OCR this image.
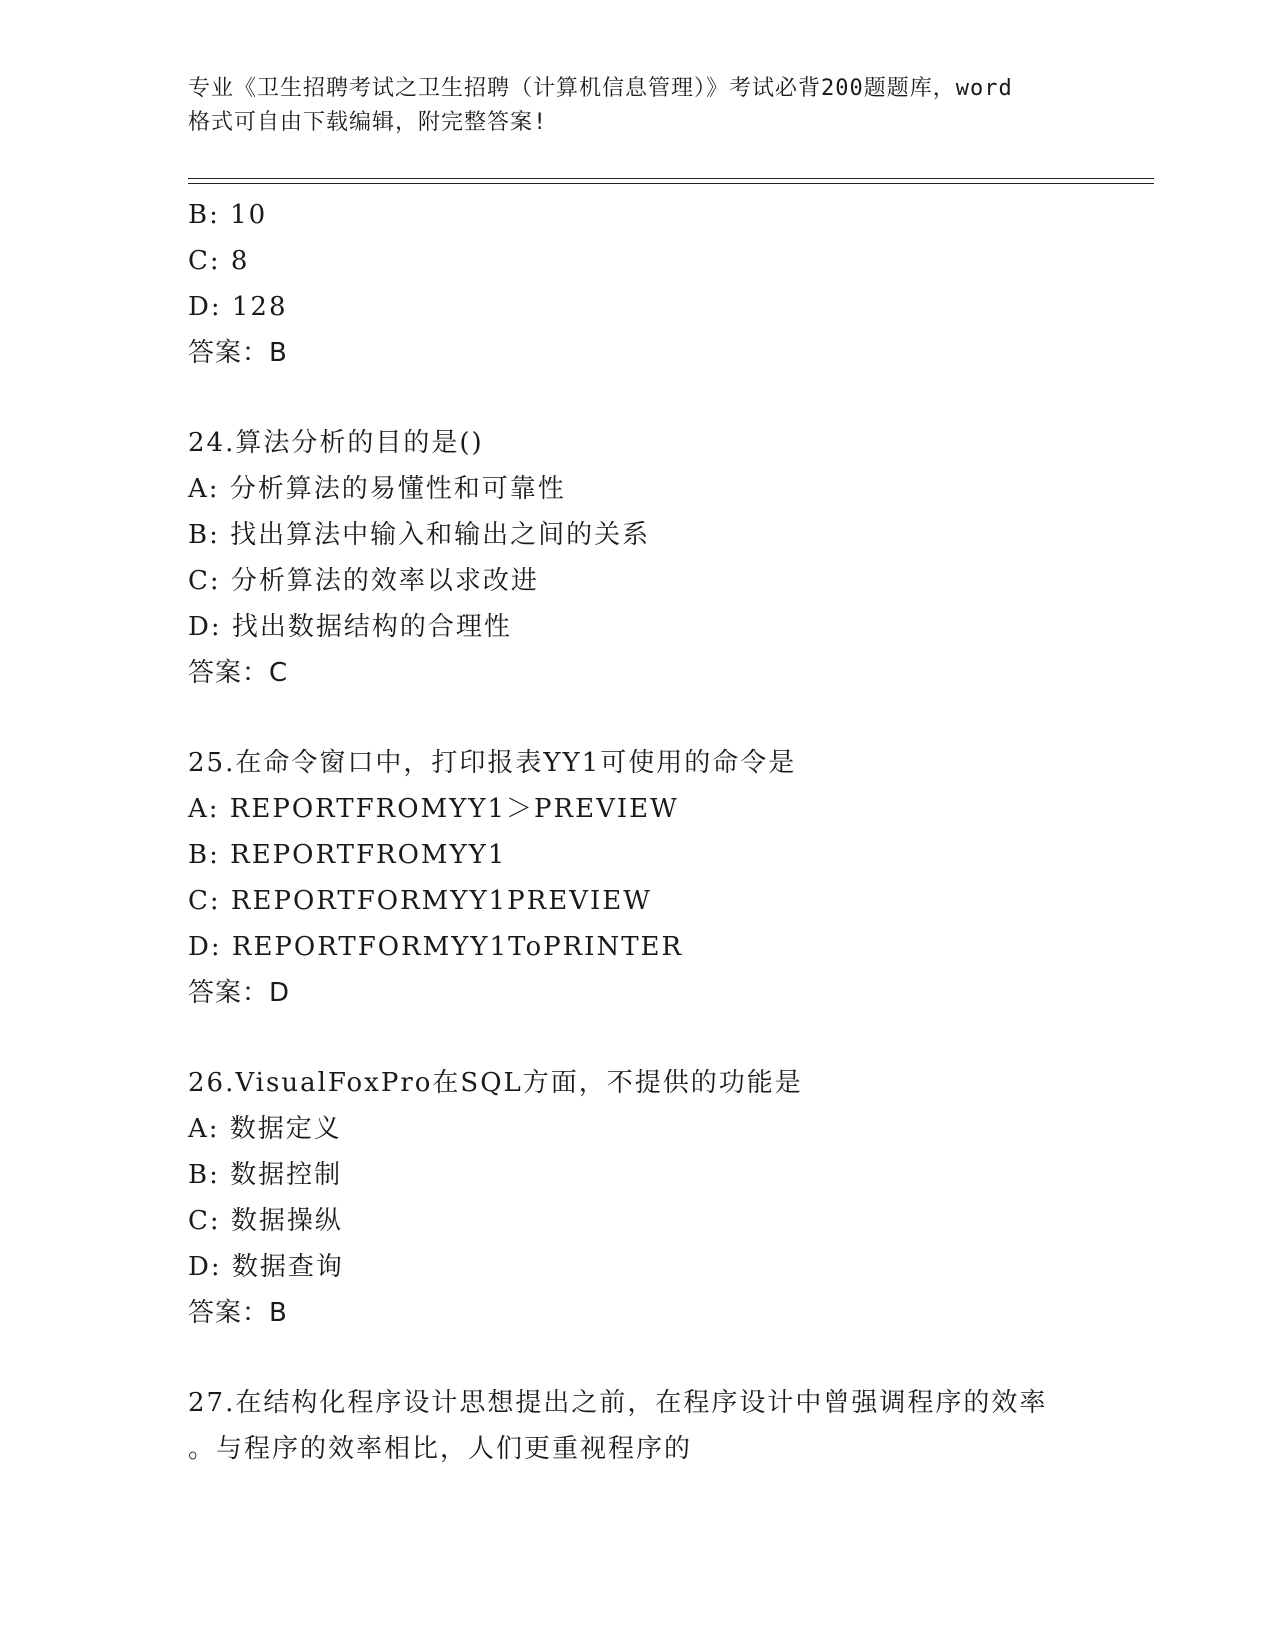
专业《卫生招聘考试之卫生招聘（计算机信息管理）》考试必背200题题库，word
格式可自由下载编辑，附完整答案!
B: 10
C: 8
D: 128
答案：B
24.算法分析的目的是()
A: 分析算法的易懂性和可靠性
B: 找出算法中输入和输出之间的关系
C: 分析算法的效率以求改进
D: 找出数据结构的合理性
答案：C
25.在命令窗口中，打印报表YY1可使用的命令是
A: REPORTFROMYY1＞PREVIEW
B: REPORTFROMYY1
C: REPORTFORMYY1PREVIEW
D: REPORTFORMYY1ToPRINTER
答案：D
26.VisualFoxPro在SQL方面，不提供的功能是
A: 数据定义
B: 数据控制
C: 数据操纵
D: 数据查询
答案：B
27.在结构化程序设计思想提出之前，在程序设计中曾强调程序的效率
。与程序的效率相比，人们更重视程序的
